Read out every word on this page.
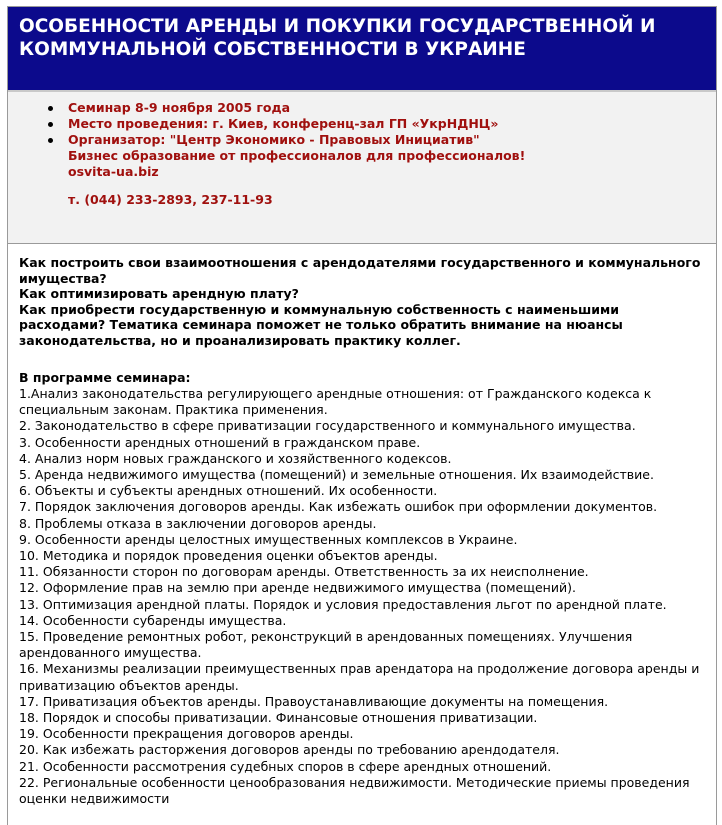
ОСОБЕННОСТИ АРЕНДЫ И ПОКУПКИ ГОСУДАРСТВЕННОЙ И КОММУНАЛЬНОЙ СОБСТВЕННОСТИ В УКРАИНЕ
Семинар 8-9 ноября 2005 года
Место проведения: г. Киев, конференц-зал ГП «УкрНДНЦ»
Организатор: "Центр Экономико - Правовых Инициатив"
Бизнес образование от профессионалов для профессионалов!
osvita-ua.biz
т. (044) 233-2893, 237-11-93
Как построить свои взаимоотношения с арендодателями государственного и коммунального имущества?
Как оптимизировать арендную плату?
Как приобрести государственную и коммунальную собственность с наименьшими расходами? Тематика семинара поможет не только обратить внимание на нюансы законодательства, но и проанализировать практику коллег.
В программе семинара:
1.Анализ законодательства регулирующего арендные отношения: от Гражданского кодекса к специальным законам. Практика применения.
2. Законодательство в сфере приватизации государственного и коммунального имущества.
3. Особенности арендных отношений в гражданском праве.
4. Анализ норм новых гражданского и хозяйственного кодексов.
5. Аренда недвижимого имущества (помещений) и земельные отношения. Их взаимодействие.
6. Объекты и субъекты арендных отношений. Их особенности.
7. Порядок заключения договоров аренды. Как избежать ошибок при оформлении документов.
8. Проблемы отказа в заключении договоров аренды.
9. Особенности аренды целостных имущественных комплексов в Украине.
10. Методика и порядок проведения оценки объектов аренды.
11. Обязанности сторон по договорам аренды. Ответственность за их неисполнение.
12. Оформление прав на землю при аренде недвижимого имущества (помещений).
13. Оптимизация арендной платы. Порядок и условия предоставления льгот по арендной плате.
14. Особенности субаренды имущества.
15. Проведение ремонтных робот, реконструкций в арендованных помещениях. Улучшения арендованного имущества.
16. Механизмы реализации преимущественных прав арендатора на продолжение договора аренды и приватизацию объектов аренды.
17. Приватизация объектов аренды. Правоустанавливающие документы на помещения.
18. Порядок и способы приватизации. Финансовые отношения приватизации.
19. Особенности прекращения договоров аренды.
20. Как избежать расторжения договоров аренды по требованию арендодателя.
21. Особенности рассмотрения судебных споров в сфере арендных отношений.
22. Региональные особенности ценообразования недвижимости. Методические приемы проведения оценки недвижимости
